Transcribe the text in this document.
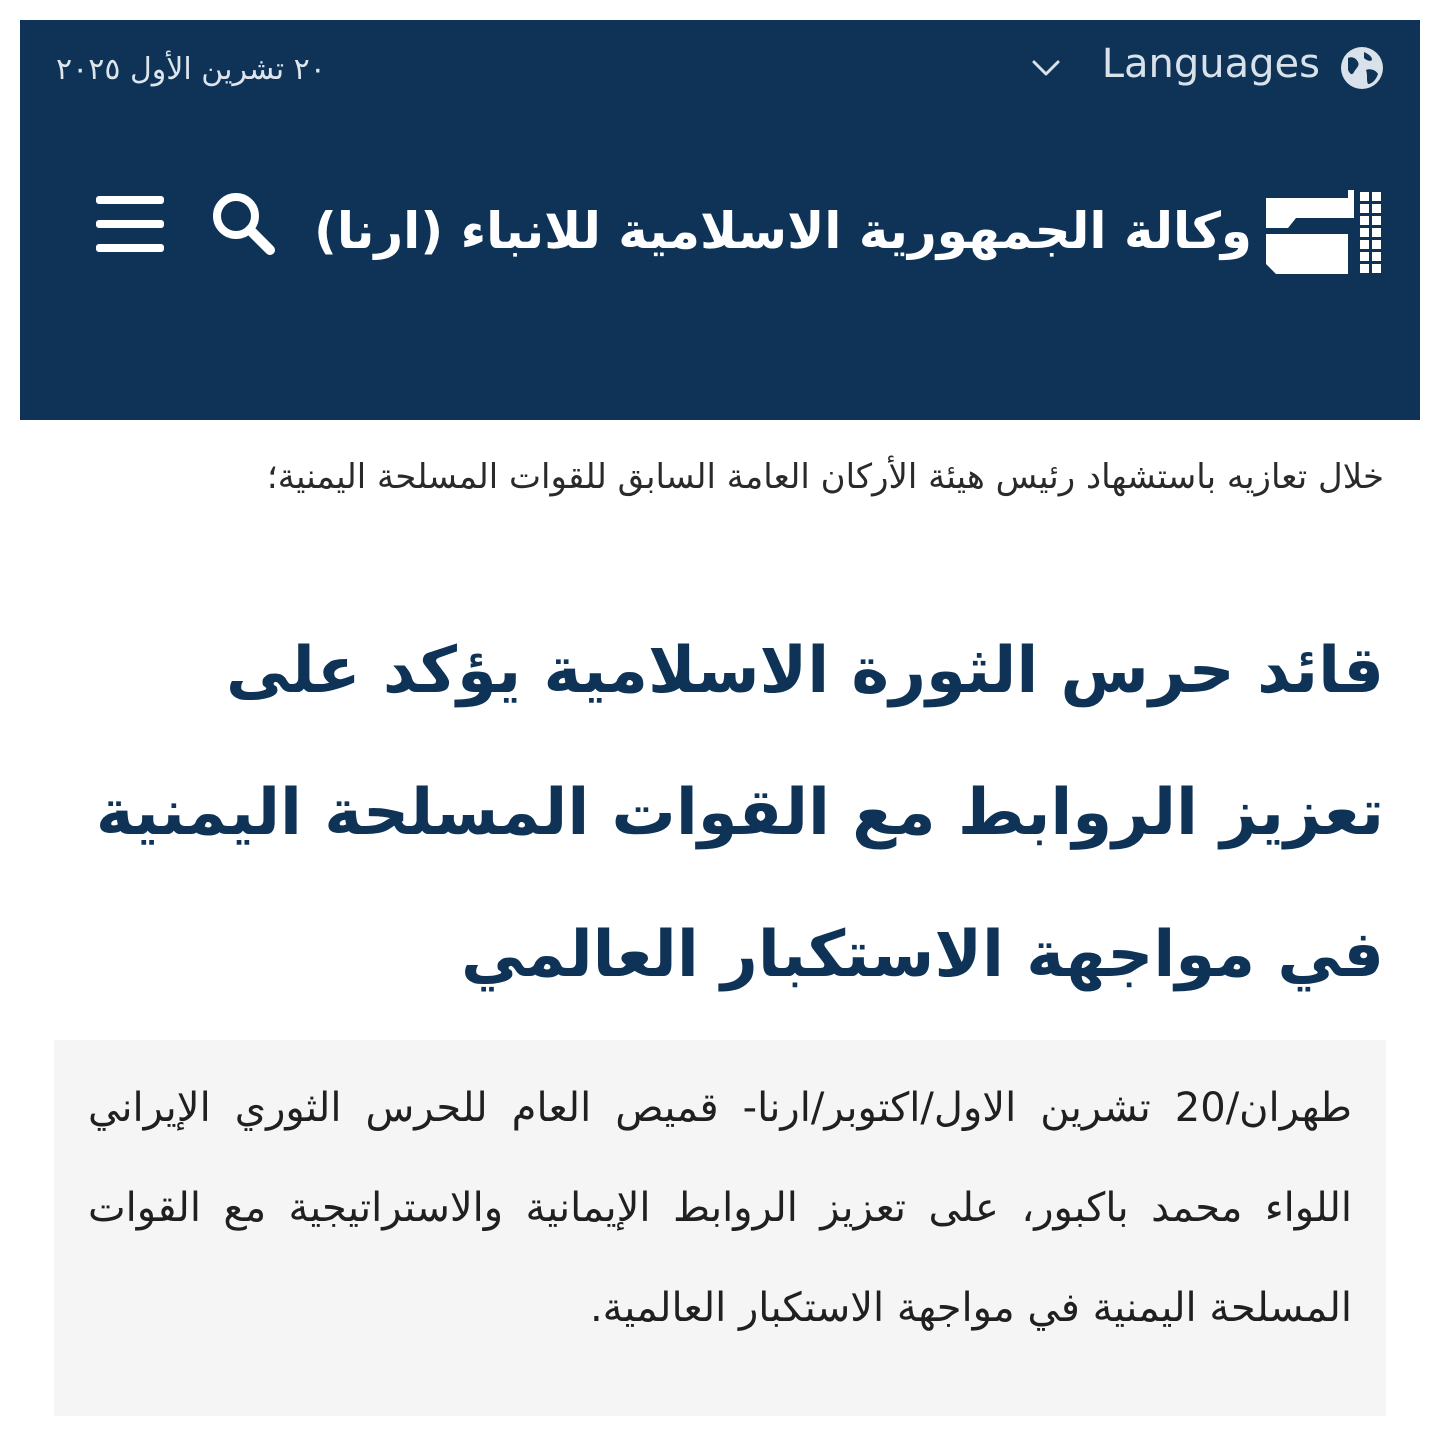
Languages
٢٠ تشرين الأول ٢٠٢٥
وكالة الجمهورية الاسلامية للانباء (ارنا)

خلال تعازيه باستشهاد رئيس هيئة الأركان العامة السابق للقوات المسلحة اليمنية؛

قائد حرس الثورة الاسلامية يؤكد على تعزيز الروابط مع القوات المسلحة اليمنية في مواجهة الاستكبار العالمي

طهران/20 تشرين الاول/اكتوبر/ارنا- قميص العام للحرس الثوري الإيراني اللواء محمد باكبور، على تعزيز الروابط الإيمانية والاستراتيجية مع القوات المسلحة اليمنية في مواجهة الاستكبار العالمية.
